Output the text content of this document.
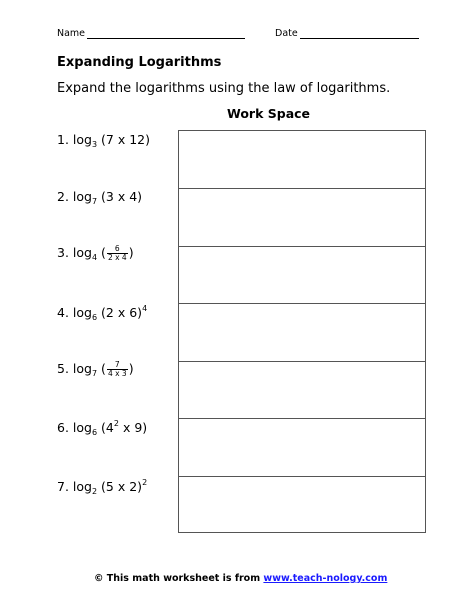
Name	Date
Expanding Logarithms
Expand the logarithms using the law of logarithms.
Work Space
1. $\log_3 (7$ x 12)
2. $\log_7 (3$ x 4)
3. $\log_4$ ( $\frac{6}{2 x 4}$ )
4. $\log_6 (2$ x 6)$^4$
5. $\log_7$ ( $\frac{7}{4 x 3}$ )
6. $\log_6 (4^2$ x 9)
7. $\log_2 (5$ x 2)$^2$
© This math worksheet is from www.teach-nology.com
